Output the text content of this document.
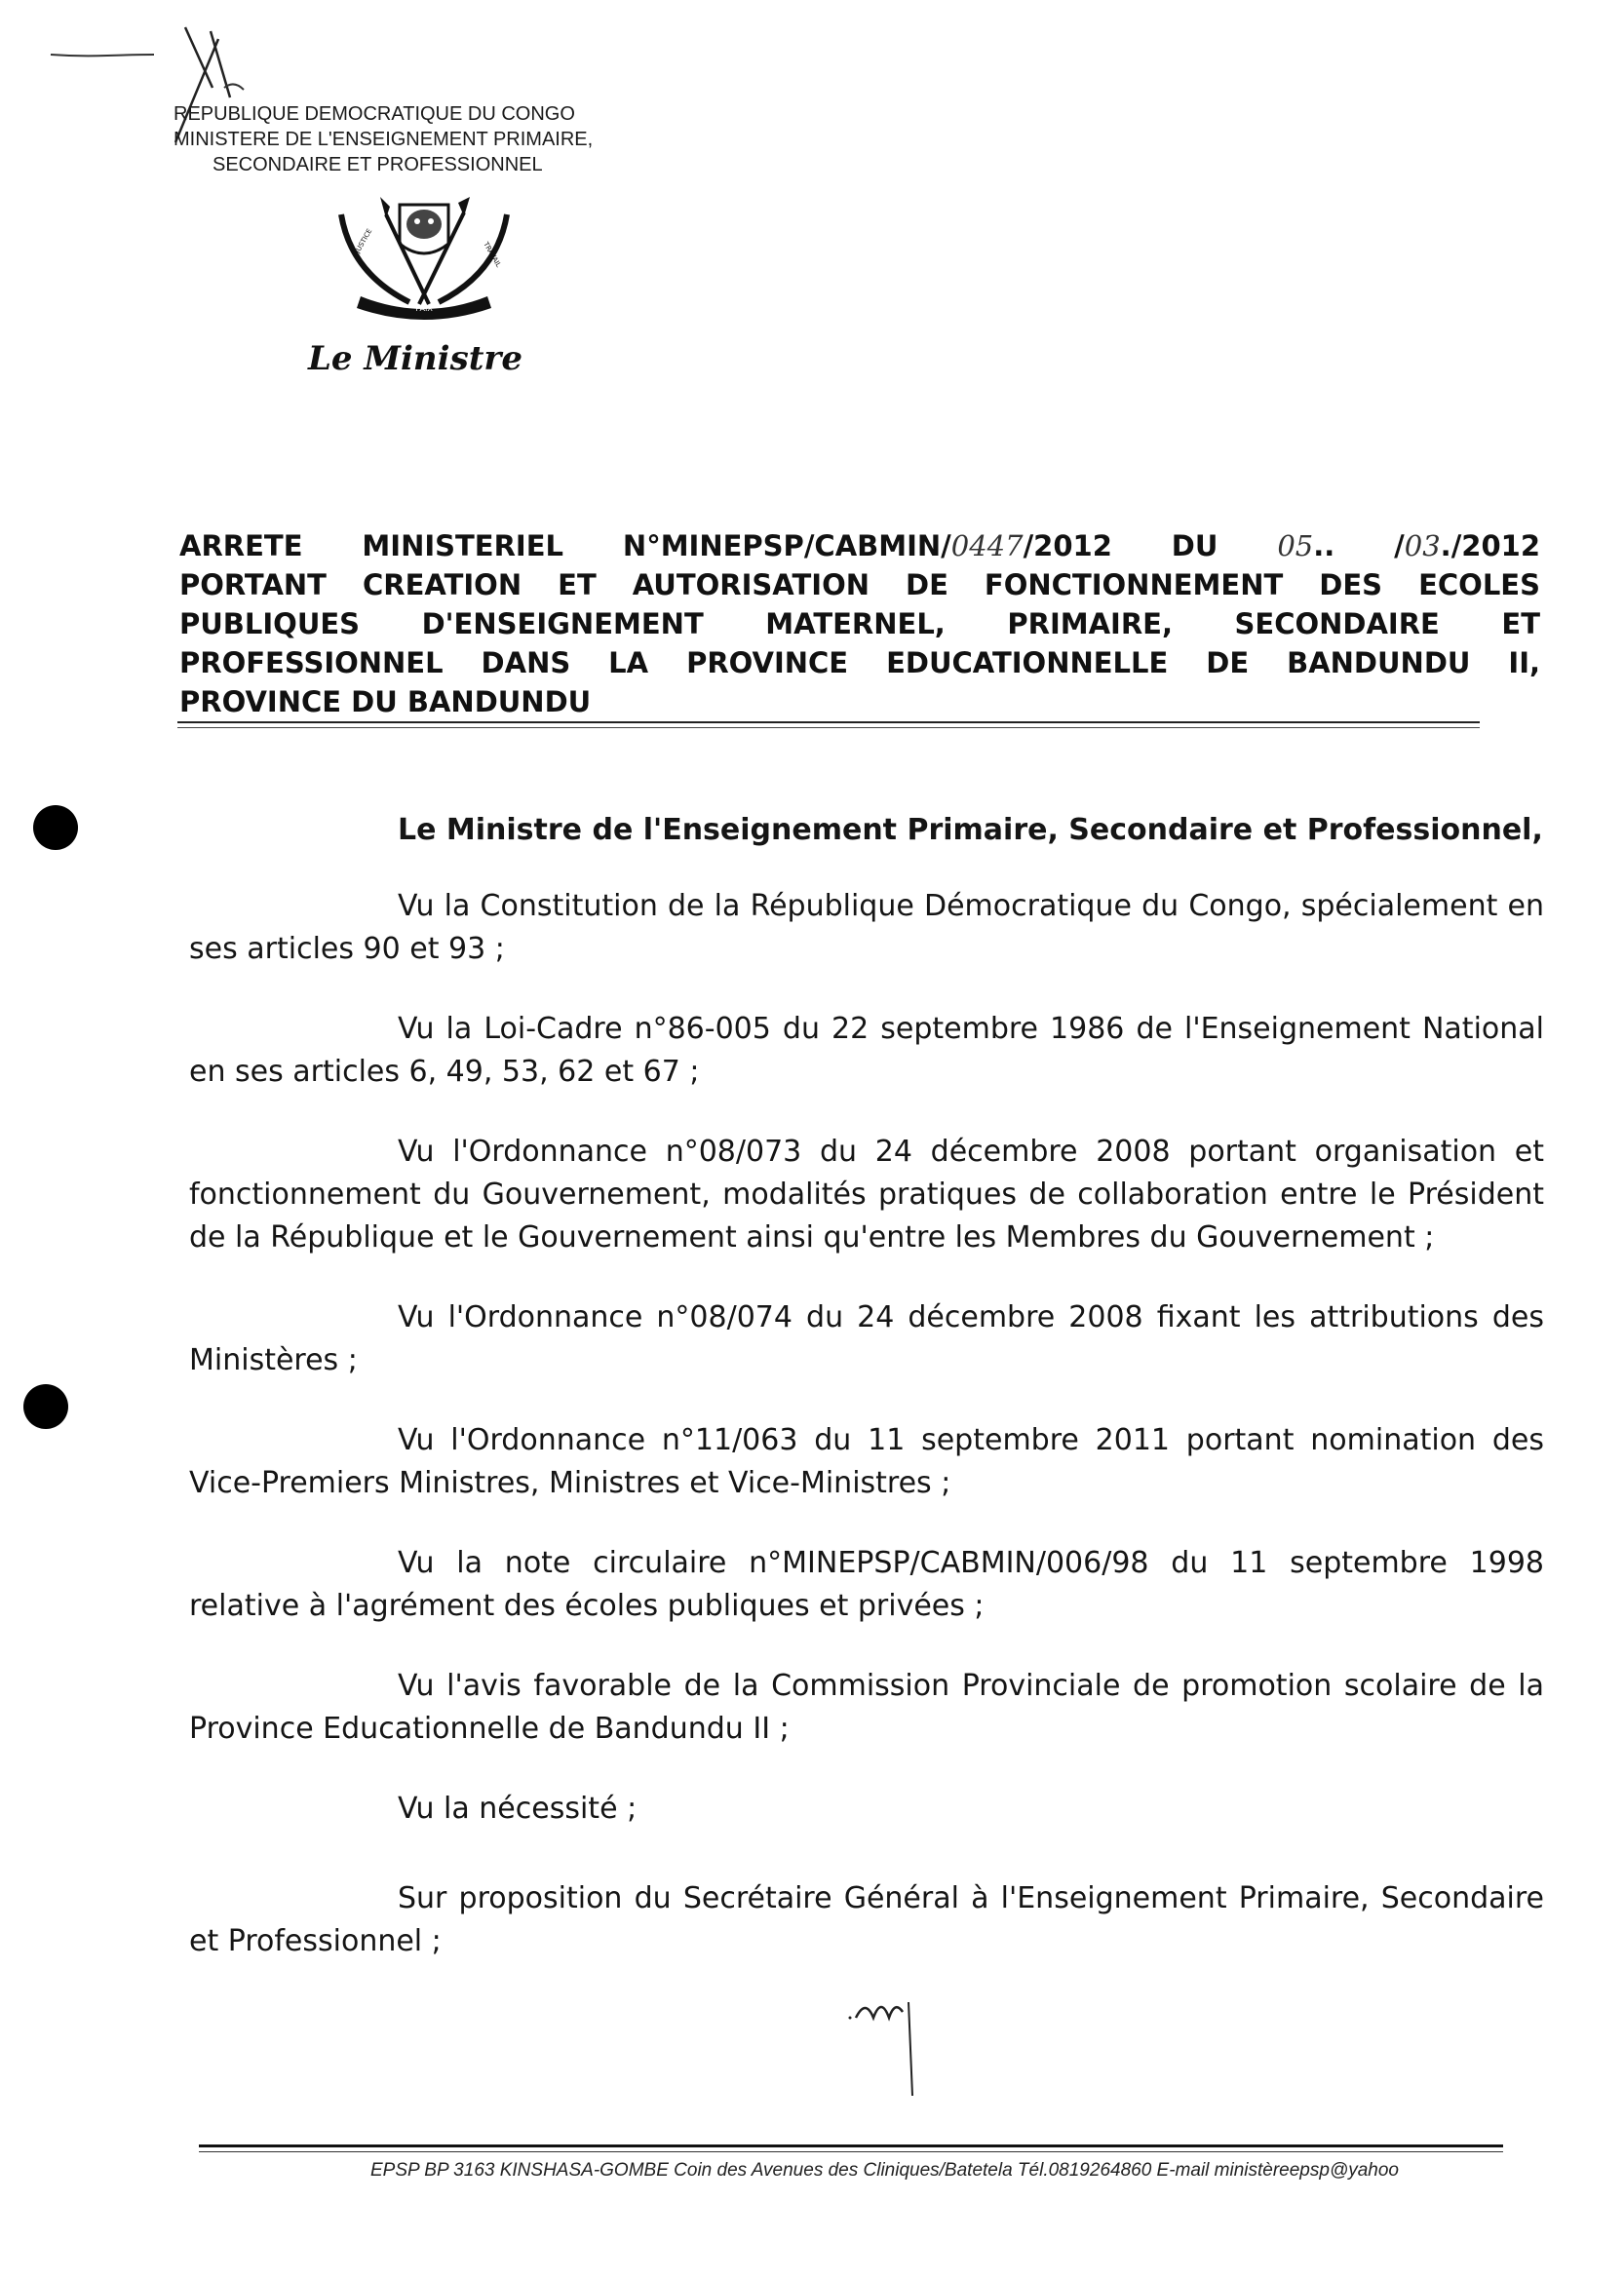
REPUBLIQUE DEMOCRATIQUE DU CONGO
MINISTERE DE L'ENSEIGNEMENT PRIMAIRE,
SECONDAIRE ET PROFESSIONNEL
PAIX
JUSTICE	TRAVAIL
Le Ministre
ARRETE MINISTERIEL N°MINEPSP/CABMIN/0447/2012 DU 05.. /03./2012
PORTANT CREATION ET AUTORISATION DE FONCTIONNEMENT DES ECOLES
PUBLIQUES D'ENSEIGNEMENT MATERNEL, PRIMAIRE, SECONDAIRE ET
PROFESSIONNEL DANS LA PROVINCE EDUCATIONNELLE DE BANDUNDU II,
PROVINCE DU BANDUNDU
Le Ministre de l'Enseignement Primaire, Secondaire et Professionnel,

Vu la Constitution de la République Démocratique du Congo, spécialement en ses articles 90 et 93 ;

Vu la Loi-Cadre n°86-005 du 22 septembre 1986 de l'Enseignement National en ses articles 6, 49, 53, 62 et 67 ;

Vu l'Ordonnance n°08/073 du 24 décembre 2008 portant organisation et fonctionnement du Gouvernement, modalités pratiques de collaboration entre le Président de la République et le Gouvernement ainsi qu'entre les Membres du Gouvernement ;

Vu l'Ordonnance n°08/074 du 24 décembre 2008 fixant les attributions des Ministères ;

Vu l'Ordonnance n°11/063 du 11 septembre 2011 portant nomination des Vice-Premiers Ministres, Ministres et Vice-Ministres ;

Vu la note circulaire n°MINEPSP/CABMIN/006/98 du 11 septembre 1998 relative à l'agrément des écoles publiques et privées ;

Vu l'avis favorable de la Commission Provinciale de promotion scolaire de la Province Educationnelle de Bandundu II ;

Vu la nécessité ;

Sur proposition du Secrétaire Général à l'Enseignement Primaire, Secondaire et Professionnel ;

EPSP BP 3163 KINSHASA-GOMBE Coin des Avenues des Cliniques/Batetela Tél.0819264860 E-mail ministèreepsp@yahoo
